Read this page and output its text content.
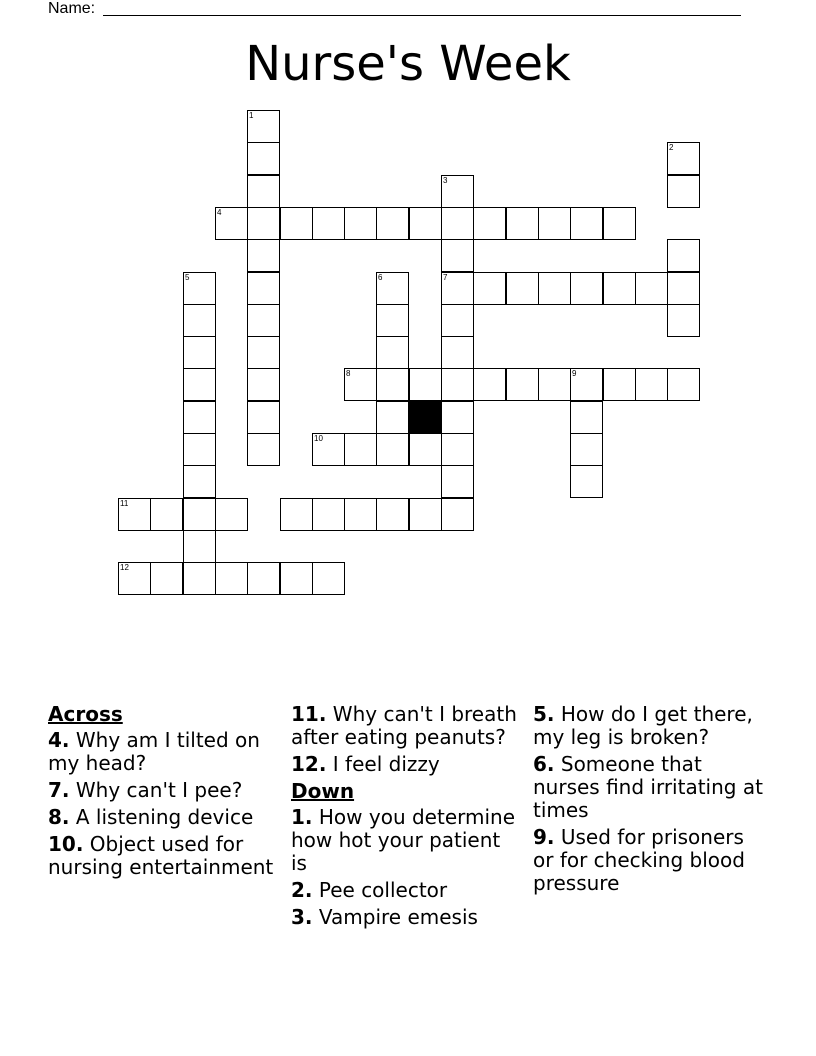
Name:
Nurse's Week
4
1
2
3
7
5	6
8	9
10
11
12
Across
4. Why am I tilted on my head?
7. Why can't I pee?
8. A listening device
10. Object used for nursing entertainment
11. Why can't I breath after eating peanuts?
12. I feel dizzy
Down
1. How you determine how hot your patient is
2. Pee collector
3. Vampire emesis
5. How do I get there, my leg is broken?
6. Someone that nurses find irritating at times
9. Used for prisoners or for checking blood pressure
